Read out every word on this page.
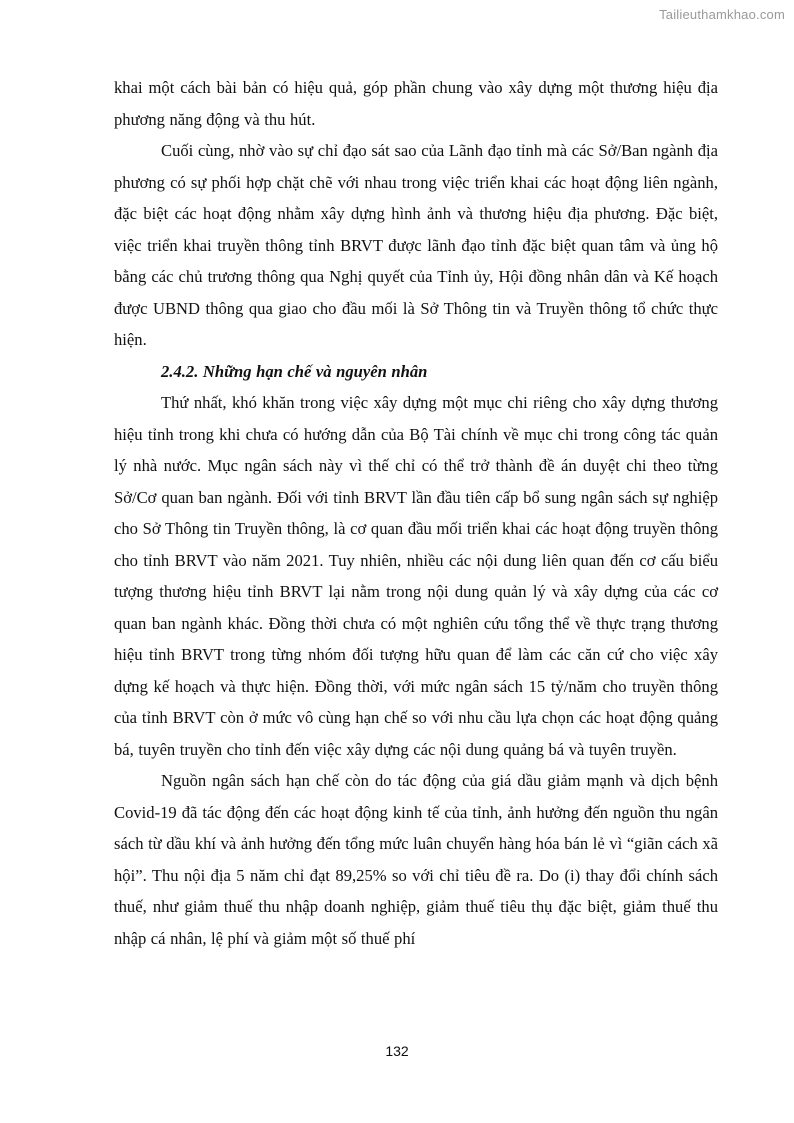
Tailieuthamkhao.com

khai một cách bài bản có hiệu quả, góp phần chung vào xây dựng một thương hiệu địa phương năng động và thu hút.

Cuối cùng, nhờ vào sự chỉ đạo sát sao của Lãnh đạo tỉnh mà các Sở/Ban ngành địa phương có sự phối hợp chặt chẽ với nhau trong việc triển khai các hoạt động liên ngành, đặc biệt các hoạt động nhằm xây dựng hình ảnh và thương hiệu địa phương. Đặc biệt, việc triển khai truyền thông tỉnh BRVT được lãnh đạo tỉnh đặc biệt quan tâm và ủng hộ bằng các chủ trương thông qua Nghị quyết của Tỉnh ủy, Hội đồng nhân dân và Kế hoạch được UBND thông qua giao cho đầu mối là Sở Thông tin và Truyền thông tổ chức thực hiện.

2.4.2. Những hạn chế và nguyên nhân

Thứ nhất, khó khăn trong việc xây dựng một mục chi riêng cho xây dựng thương hiệu tỉnh trong khi chưa có hướng dẫn của Bộ Tài chính về mục chi trong công tác quản lý nhà nước. Mục ngân sách này vì thế chỉ có thể trở thành đề án duyệt chi theo từng Sở/Cơ quan ban ngành. Đối với tỉnh BRVT lần đầu tiên cấp bổ sung ngân sách sự nghiệp cho Sở Thông tin Truyền thông, là cơ quan đầu mối triển khai các hoạt động truyền thông cho tỉnh BRVT vào năm 2021. Tuy nhiên, nhiều các nội dung liên quan đến cơ cấu biểu tượng thương hiệu tỉnh BRVT lại nằm trong nội dung quản lý và xây dựng của các cơ quan ban ngành khác. Đồng thời chưa có một nghiên cứu tổng thể về thực trạng thương hiệu tỉnh BRVT trong từng nhóm đối tượng hữu quan để làm các căn cứ cho việc xây dựng kế hoạch và thực hiện. Đồng thời, với mức ngân sách 15 tỷ/năm cho truyền thông của tỉnh BRVT còn ở mức vô cùng hạn chế so với nhu cầu lựa chọn các hoạt động quảng bá, tuyên truyền cho tỉnh đến việc xây dựng các nội dung quảng bá và tuyên truyền.

Nguồn ngân sách hạn chế còn do tác động của giá dầu giảm mạnh và dịch bệnh Covid-19 đã tác động đến các hoạt động kinh tế của tỉnh, ảnh hưởng đến nguồn thu ngân sách từ dầu khí và ảnh hưởng đến tổng mức luân chuyển hàng hóa bán lẻ vì “giãn cách xã hội”. Thu nội địa 5 năm chỉ đạt 89,25% so với chỉ tiêu đề ra. Do (i) thay đổi chính sách thuế, như giảm thuế thu nhập doanh nghiệp, giảm thuế tiêu thụ đặc biệt, giảm thuế thu nhập cá nhân, lệ phí và giảm một số thuế phí

132
